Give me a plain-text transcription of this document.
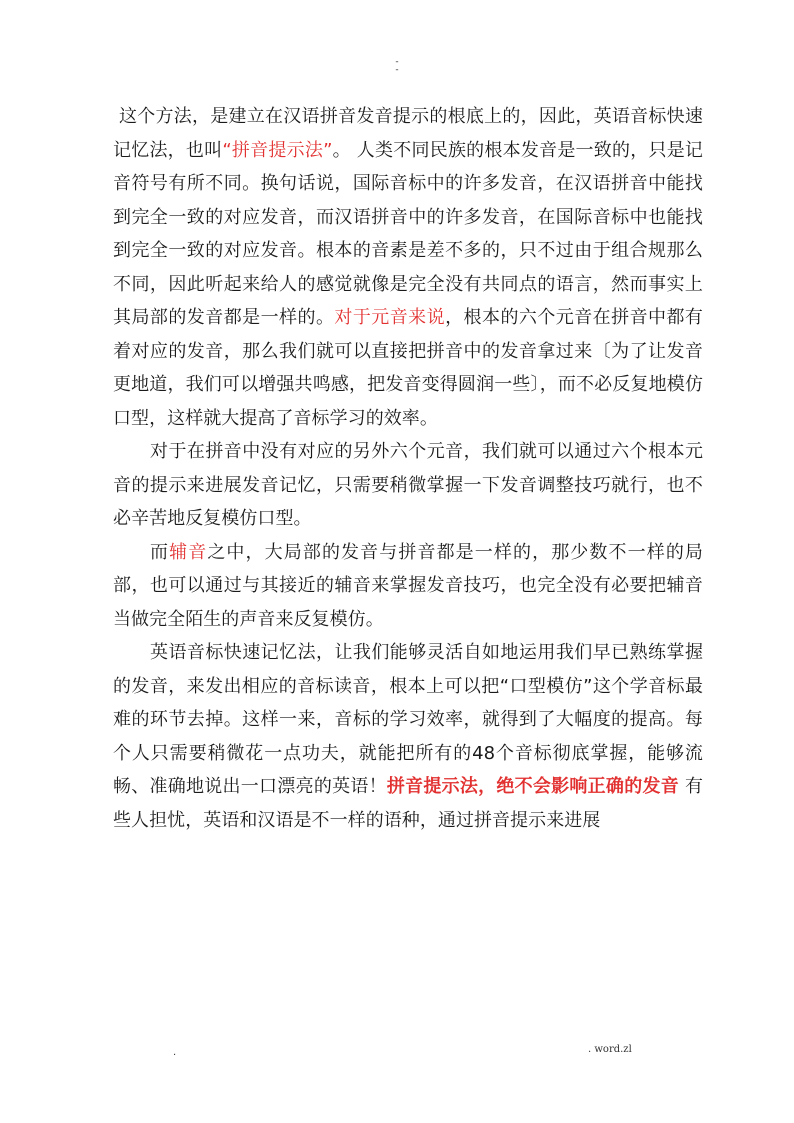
-
-

这个方法，是建立在汉语拼音发音提示的根底上的，因此，英语音标快速记忆法，也叫“拼音提示法”。 人类不同民族的根本发音是一致的，只是记音符号有所不同。换句话说，国际音标中的许多发音，在汉语拼音中能找到完全一致的对应发音，而汉语拼音中的许多发音，在国际音标中也能找到完全一致的对应发音。根本的音素是差不多的，只不过由于组合规那么不同，因此听起来给人的感觉就像是完全没有共同点的语言，然而事实上其局部的发音都是一样的。对于元音来说，根本的六个元音在拼音中都有着对应的发音，那么我们就可以直接把拼音中的发音拿过来〔为了让发音更地道，我们可以增强共鸣感，把发音变得圆润一些〕，而不必反复地模仿口型，这样就大提高了音标学习的效率。

对于在拼音中没有对应的另外六个元音，我们就可以通过六个根本元音的提示来进展发音记忆，只需要稍微掌握一下发音调整技巧就行，也不必辛苦地反复模仿口型。

而辅音之中，大局部的发音与拼音都是一样的，那少数不一样的局部，也可以通过与其接近的辅音来掌握发音技巧，也完全没有必要把辅音当做完全陌生的声音来反复模仿。

英语音标快速记忆法，让我们能够灵活自如地运用我们早已熟练掌握的发音，来发出相应的音标读音，根本上可以把“口型模仿”这个学音标最难的环节去掉。这样一来，音标的学习效率，就得到了大幅度的提高。每个人只需要稍微花一点功夫，就能把所有的48个音标彻底掌握，能够流畅、准确地说出一口漂亮的英语！拼音提示法，绝不会影响正确的发音 有些人担忧，英语和汉语是不一样的语种，通过拼音提示来进展

.	. word.zl
